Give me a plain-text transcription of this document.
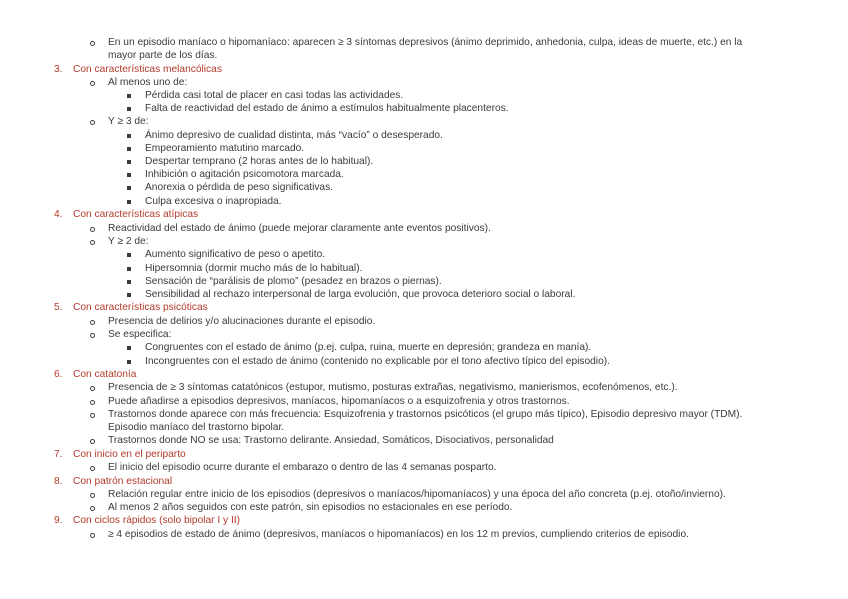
En un episodio maníaco o hipomaníaco: aparecen ≥ 3 síntomas depresivos (ánimo deprimido, anhedonia, culpa, ideas de muerte, etc.) en la
mayor parte de los días.
3.	Con características melancólicas
Al menos uno de:
Pérdida casi total de placer en casi todas las actividades.
Falta de reactividad del estado de ánimo a estímulos habitualmente placenteros.
Y ≥ 3 de:
Ánimo depresivo de cualidad distinta, más “vacío” o desesperado.
Empeoramiento matutino marcado.
Despertar temprano (2 horas antes de lo habitual).
Inhibición o agitación psicomotora marcada.
Anorexia o pérdida de peso significativas.
Culpa excesiva o inapropiada.
4.	Con características atípicas
Reactividad del estado de ánimo (puede mejorar claramente ante eventos positivos).
Y ≥ 2 de:
Aumento significativo de peso o apetito.
Hipersomnia (dormir mucho más de lo habitual).
Sensación de “parálisis de plomo” (pesadez en brazos o piernas).
Sensibilidad al rechazo interpersonal de larga evolución, que provoca deterioro social o laboral.
5.	Con características psicóticas
Presencia de delirios y/o alucinaciones durante el episodio.
Se especifica:
Congruentes con el estado de ánimo (p.ej. culpa, ruina, muerte en depresión; grandeza en manía).
Incongruentes con el estado de ánimo (contenido no explicable por el tono afectivo típico del episodio).
6.	Con catatonía
Presencia de ≥ 3 síntomas catatónicos (estupor, mutismo, posturas extrañas, negativismo, manierismos, ecofenómenos, etc.).
Puede añadirse a episodios depresivos, maníacos, hipomaníacos o a esquizofrenia y otros trastornos.
Trastornos donde aparece con más frecuencia: Esquizofrenia y trastornos psicóticos (el grupo más típico), Episodio depresivo mayor (TDM).
Episodio maníaco del trastorno bipolar.
Trastornos donde NO se usa: Trastorno delirante. Ansiedad, Somáticos, Disociativos, personalidad
7.	Con inicio en el periparto
El inicio del episodio ocurre durante el embarazo o dentro de las 4 semanas posparto.
8.	Con patrón estacional
Relación regular entre inicio de los episodios (depresivos o maníacos/hipomaníacos) y una época del año concreta (p.ej. otoño/invierno).
Al menos 2 años seguidos con este patrón, sin episodios no estacionales en ese período.
9.	Con ciclos rápidos (solo bipolar I y II)
≥ 4 episodios de estado de ánimo (depresivos, maníacos o hipomaníacos) en los 12 m previos, cumpliendo criterios de episodio.
